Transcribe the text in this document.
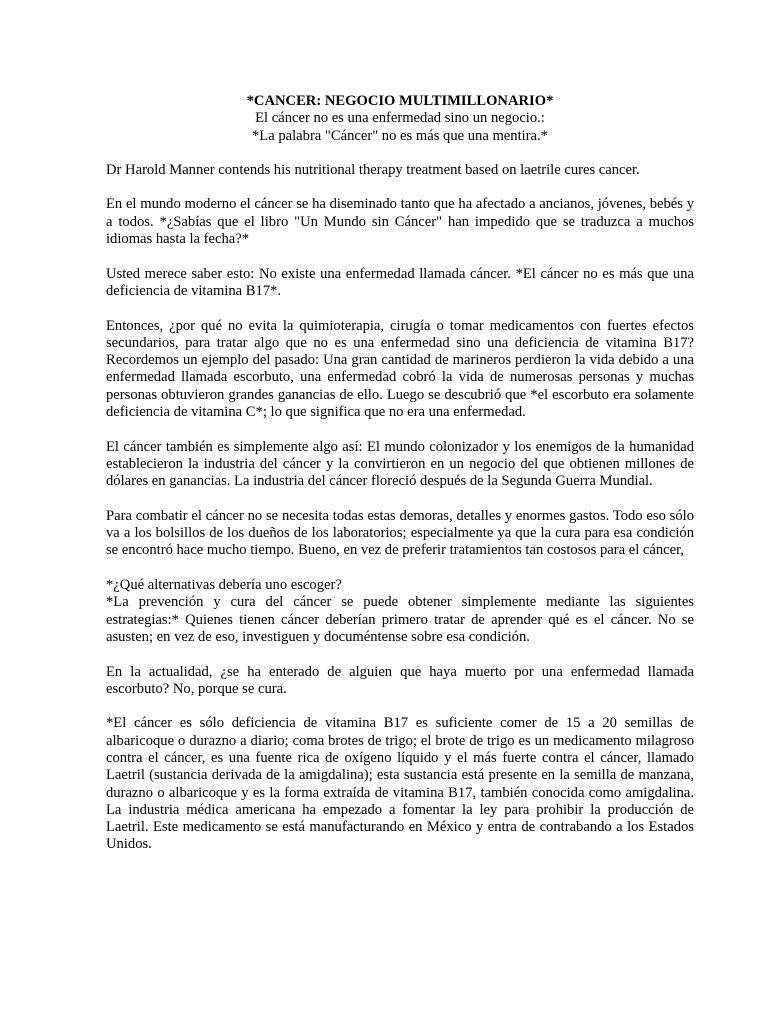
*CANCER: NEGOCIO MULTIMILLONARIO*
El cáncer no es una enfermedad sino un negocio.:
*La palabra "Cáncer" no es más que una mentira.*

Dr Harold Manner contends his nutritional therapy treatment based on laetrile cures cancer.

En el mundo moderno el cáncer se ha diseminado tanto que ha afectado a ancianos, jóvenes, bebés y a todos. *¿Sabías que el libro "Un Mundo sin Cáncer" han impedido que se traduzca a muchos idiomas hasta la fecha?*

Usted merece saber esto: No existe una enfermedad llamada cáncer. *El cáncer no es más que una deficiencia de vitamina B17*.

Entonces, ¿por qué no evita la quimioterapia, cirugía o tomar medicamentos con fuertes efectos secundarios, para tratar algo que no es una enfermedad sino una deficiencia de vitamina B17? Recordemos un ejemplo del pasado: Una gran cantidad de marineros perdieron la vida debido a una enfermedad llamada escorbuto, una enfermedad cobró la vida de numerosas personas y muchas personas obtuvieron grandes ganancias de ello. Luego se descubrió que *el escorbuto era solamente deficiencia de vitamina C*; lo que significa que no era una enfermedad.

El cáncer también es simplemente algo así: El mundo colonizador y los enemigos de la humanidad establecieron la industria del cáncer y la convirtieron en un negocio del que obtienen millones de dólares en ganancias. La industria del cáncer floreció después de la Segunda Guerra Mundial.

Para combatir el cáncer no se necesita todas estas demoras, detalles y enormes gastos. Todo eso sólo va a los bolsillos de los dueños de los laboratorios; especialmente ya que la cura para esa condición se encontró hace mucho tiempo. Bueno, en vez de preferir tratamientos tan costosos para el cáncer,

*¿Qué alternativas debería uno escoger?
*La prevención y cura del cáncer se puede obtener simplemente mediante las siguientes estrategias:* Quienes tienen cáncer deberían primero tratar de aprender qué es el cáncer. No se asusten; en vez de eso, investiguen y documéntense sobre esa condición.

En la actualidad, ¿se ha enterado de alguien que haya muerto por una enfermedad llamada escorbuto? No, porque se cura.

*El cáncer es sólo deficiencia de vitamina B17 es suficiente comer de 15 a 20 semillas de albaricoque o durazno a diario; coma brotes de trigo; el brote de trigo es un medicamento milagroso contra el cáncer, es una fuente rica de oxígeno líquido y el más fuerte contra el cáncer, llamado Laetril (sustancia derivada de la amigdalina); esta sustancia está presente en la semilla de manzana, durazno o albaricoque y es la forma extraída de vitamina B17, también conocida como amigdalina. La industria médica americana ha empezado a fomentar la ley para prohibir la producción de Laetril. Este medicamento se está manufacturando en México y entra de contrabando a los Estados Unidos.
